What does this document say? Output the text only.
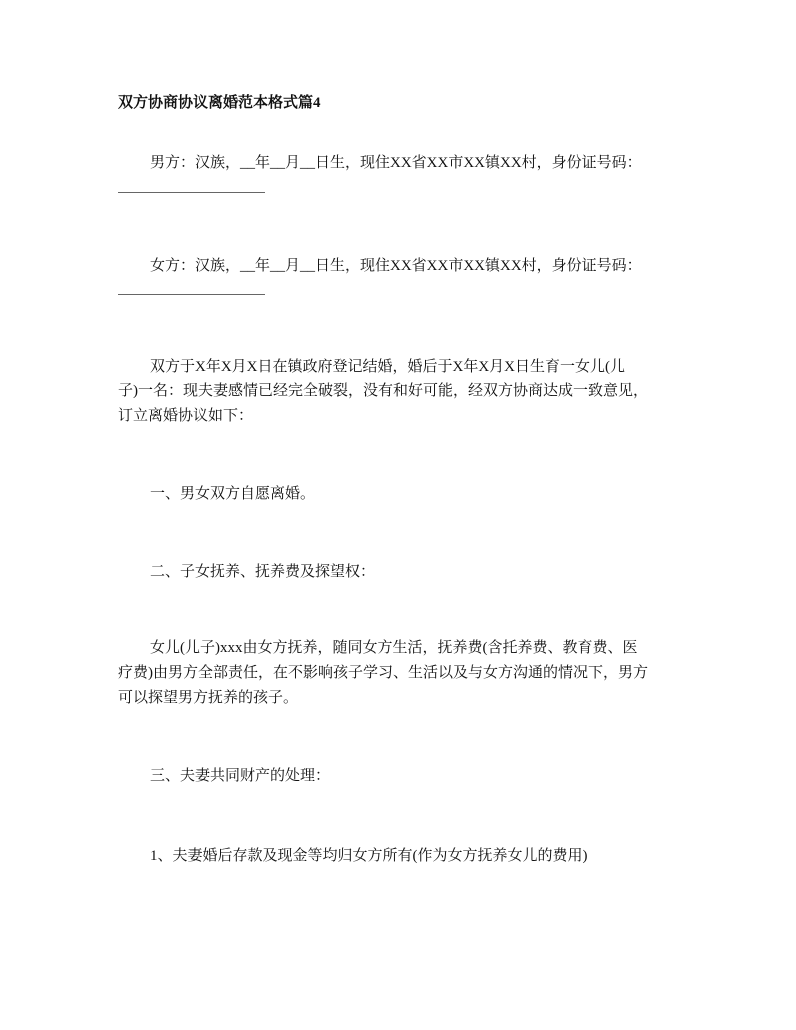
双方协商协议离婚范本格式篇4
男方：汉族，__年__月__日生，现住XX省XX市XX镇XX村，身份证号码：
女方：汉族，__年__月__日生，现住XX省XX市XX镇XX村，身份证号码：
双方于X年X月X日在镇政府登记结婚，婚后于X年X月X日生育一女儿(儿
子)一名：现夫妻感情已经完全破裂，没有和好可能，经双方协商达成一致意见，
订立离婚协议如下：
一、男女双方自愿离婚。
二、子女抚养、抚养费及探望权：
女儿(儿子)xxx由女方抚养，随同女方生活，抚养费(含托养费、教育费、医
疗费)由男方全部责任，在不影响孩子学习、生活以及与女方沟通的情况下，男方
可以探望男方抚养的孩子。
三、夫妻共同财产的处理：
1、夫妻婚后存款及现金等均归女方所有(作为女方抚养女儿的费用)
